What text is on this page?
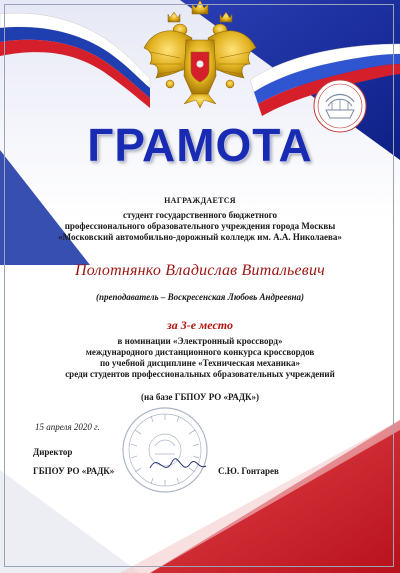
ГРАМОТА
НАГРАЖДАЕТСЯ
студент государственного бюджетного
профессионального образовательного учреждения города Москвы
«Московский автомобильно-дорожный колледж им. А.А. Николаева»
Полотнянко Владислав Витальевич
(преподаватель – Воскресенская Любовь Андреевна)
за 3-е место
в номинации «Электронный кроссворд»
международного дистанционного конкурса кроссвордов
по учебной дисциплине «Техническая механика»
среди студентов профессиональных образовательных учреждений
(на базе ГБПОУ РО «РАДК»)
15 апреля 2020 г.
Директор
ГБПОУ РО «РАДК»	С.Ю. Гонтарев
